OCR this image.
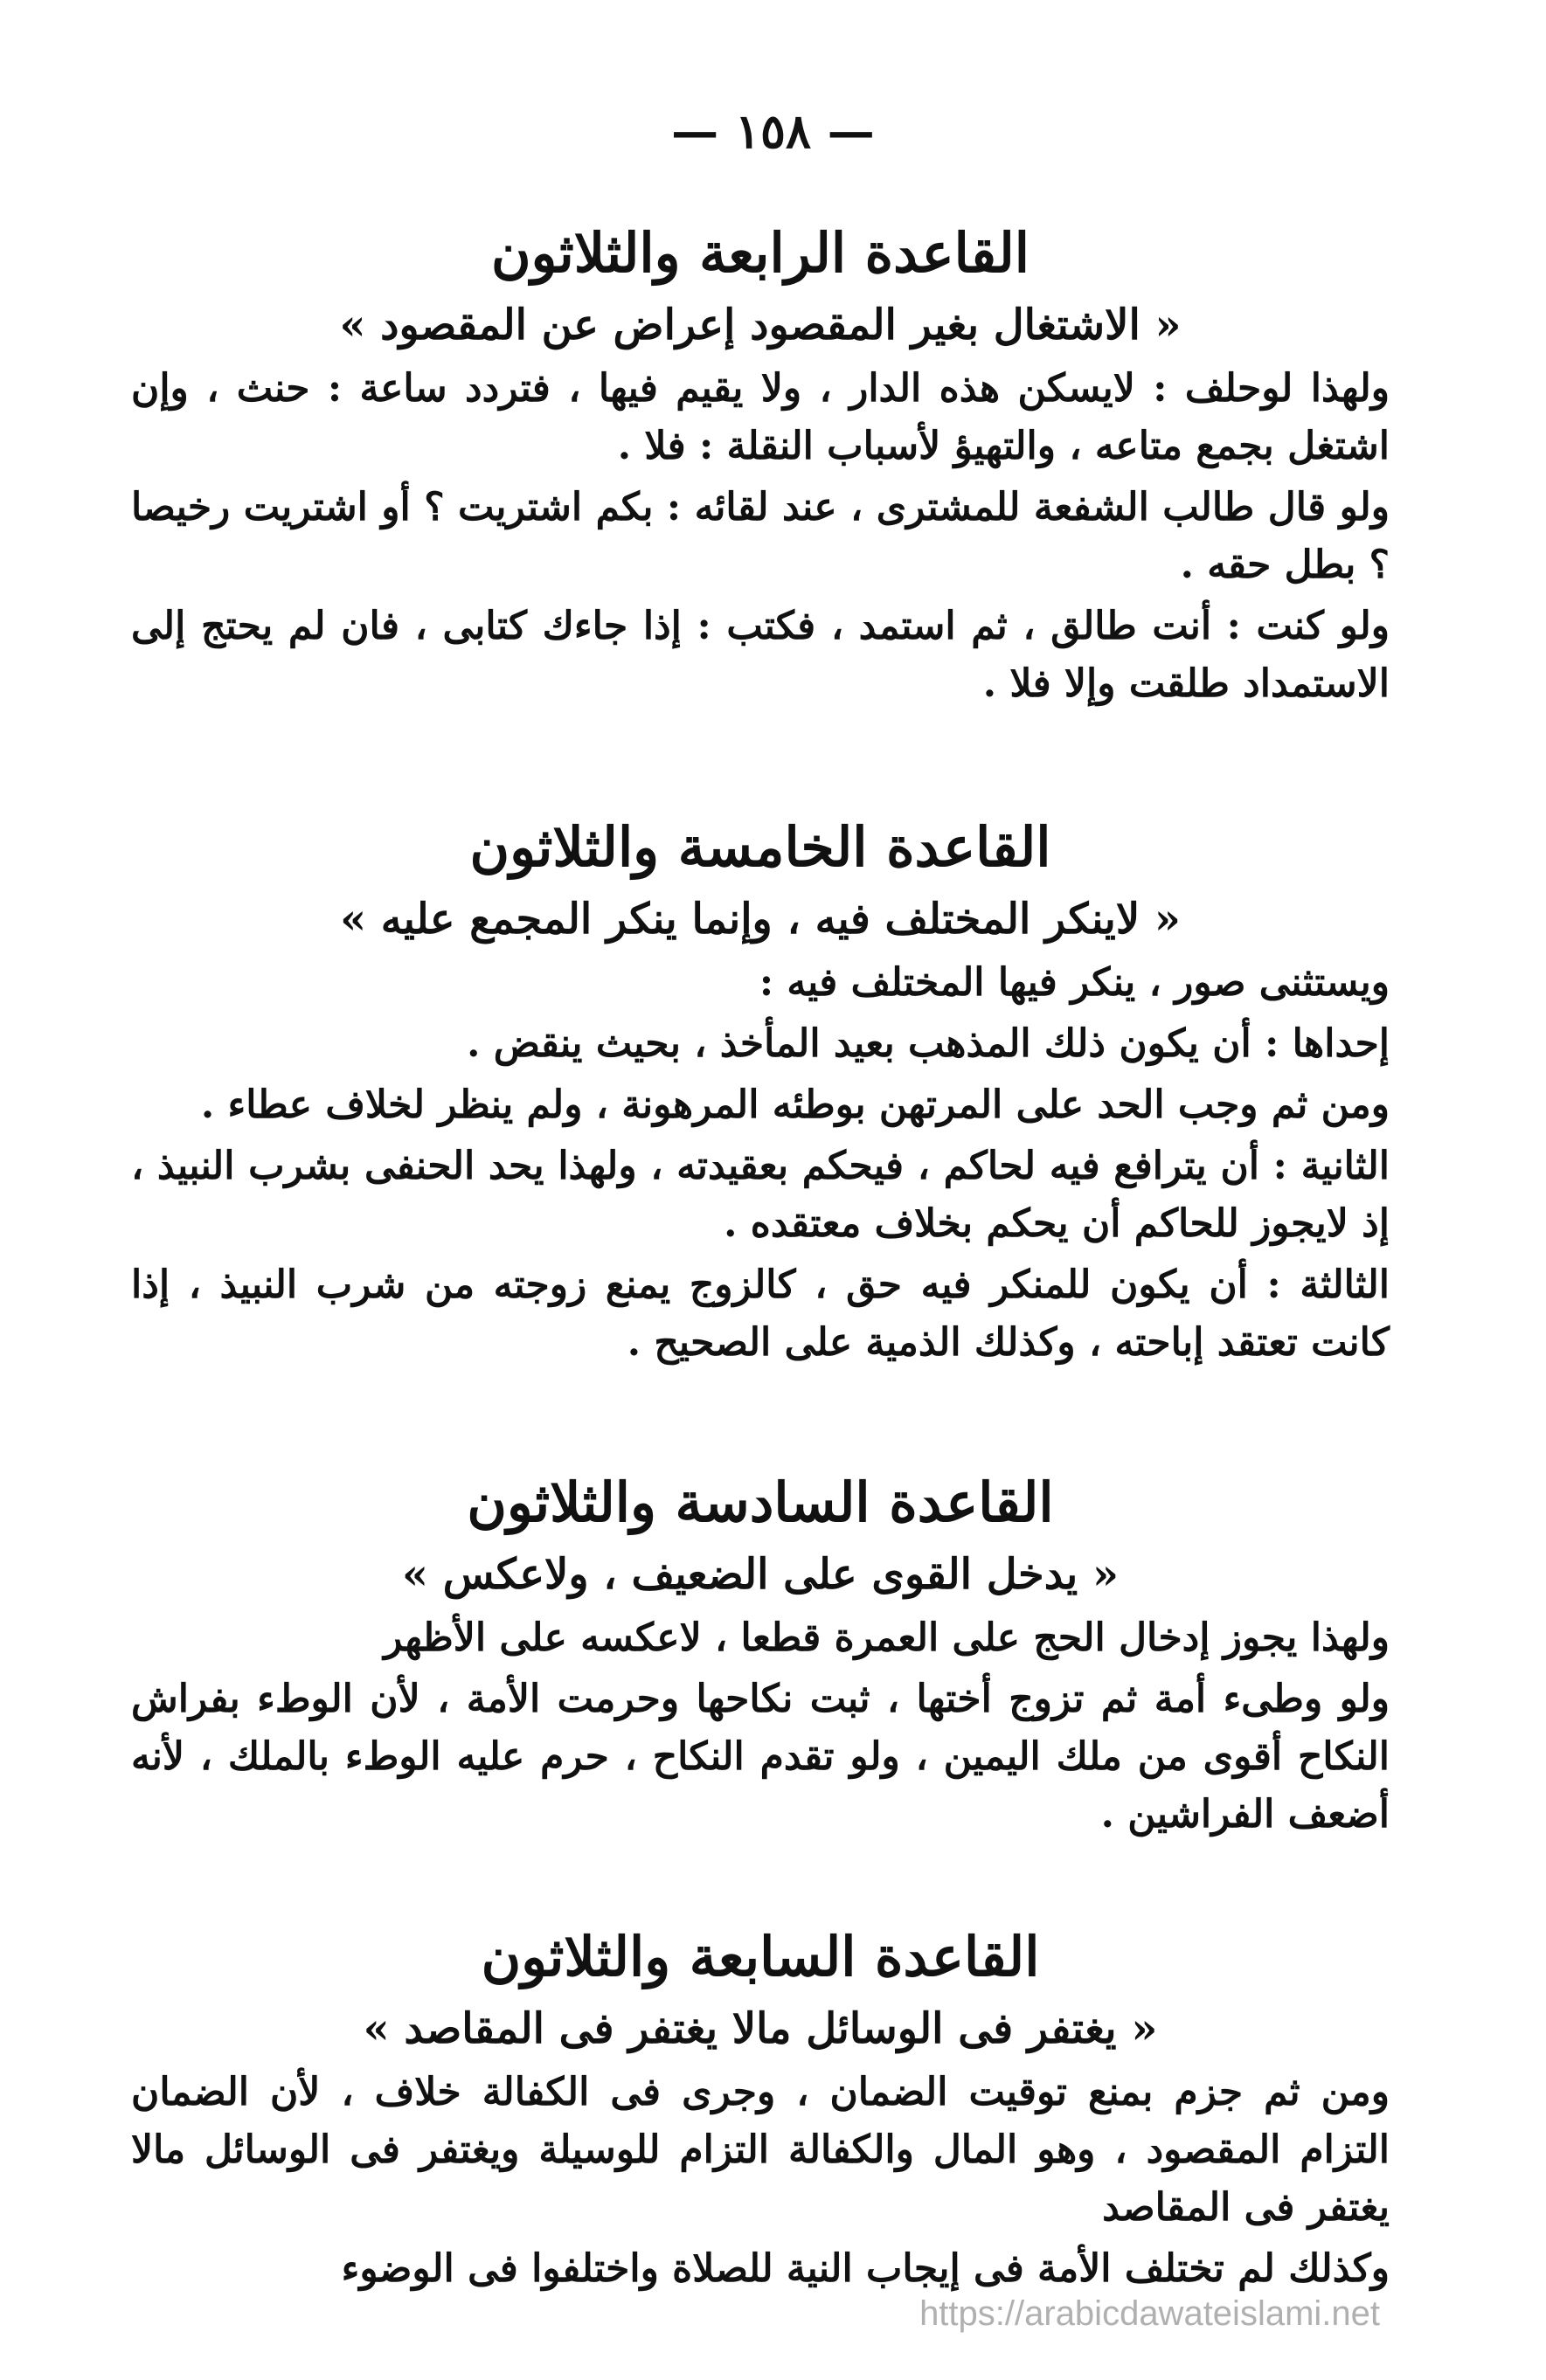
— ١٥٨ —
القاعدة الرابعة والثلاثون
« الاشتغال بغير المقصود إعراض عن المقصود »

ولهذا لوحلف : لايسكن هذه الدار ، ولا يقيم فيها ، فتردد ساعة : حنث ، وإن اشتغل بجمع متاعه ، والتهيؤ لأسباب النقلة : فلا .

ولو قال طالب الشفعة للمشترى ، عند لقائه : بكم اشتريت ؟ أو اشتريت رخيصا ؟ بطل حقه .

ولو كنت : أنت طالق ، ثم استمد ، فكتب : إذا جاءك كتابى ، فان لم يحتج إلى الاستمداد طلقت وإلا فلا .

القاعدة الخامسة والثلاثون
« لاينكر المختلف فيه ، وإنما ينكر المجمع عليه »

ويستثنى صور ، ينكر فيها المختلف فيه :

إحداها : أن يكون ذلك المذهب بعيد المأخذ ، بحيث ينقض .

ومن ثم وجب الحد على المرتهن بوطئه المرهونة ، ولم ينظر لخلاف عطاء .

الثانية : أن يترافع فيه لحاكم ، فيحكم بعقيدته ، ولهذا يحد الحنفى بشرب النبيذ ، إذ لايجوز للحاكم أن يحكم بخلاف معتقده .

الثالثة : أن يكون للمنكر فيه حق ، كالزوج يمنع زوجته من شرب النبيذ ، إذا كانت تعتقد إباحته ، وكذلك الذمية على الصحيح .

القاعدة السادسة والثلاثون
« يدخل القوى على الضعيف ، ولاعكس »

ولهذا يجوز إدخال الحج على العمرة قطعا ، لاعكسه على الأظهر

ولو وطىء أمة ثم تزوج أختها ، ثبت نكاحها وحرمت الأمة ، لأن الوطء بفراش النكاح أقوى من ملك اليمين ، ولو تقدم النكاح ، حرم عليه الوطء بالملك ، لأنه أضعف الفراشين .

القاعدة السابعة والثلاثون
« يغتفر فى الوسائل مالا يغتفر فى المقاصد »

ومن ثم جزم بمنع توقيت الضمان ، وجرى فى الكفالة خلاف ، لأن الضمان التزام المقصود ، وهو المال والكفالة التزام للوسيلة ويغتفر فى الوسائل مالا يغتفر فى المقاصد

وكذلك لم تختلف الأمة فى إيجاب النية للصلاة واختلفوا فى الوضوء

https://arabicdawateislami.net
